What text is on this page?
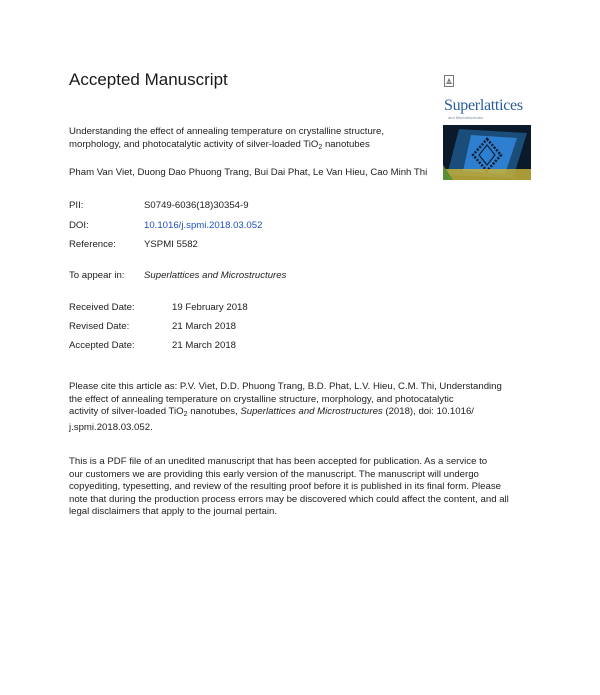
Accepted Manuscript
Superlattices
and Microstructures
Understanding the effect of annealing temperature on crystalline structure, morphology, and photocatalytic activity of silver-loaded TiO$_2$ nanotubes
Pham Van Viet, Duong Dao Phuong Trang, Bui Dai Phat, Le Van Hieu, Cao Minh Thi
PII:	S0749-6036(18)30354-9
DOI:	10.1016/j.spmi.2018.03.052
Reference:	YSPMI 5582
To appear in: Superlattices and Microstructures
Received Date:	19 February 2018
Revised Date:	21 March 2018
Accepted Date:	21 March 2018
Please cite this article as: P.V. Viet, D.D. Phuong Trang, B.D. Phat, L.V. Hieu, C.M. Thi, Understanding
the effect of annealing temperature on crystalline structure, morphology, and photocatalytic
activity of silver-loaded TiO$_2$ nanotubes, Superlattices and Microstructures (2018), doi: 10.1016/
j.spmi.2018.03.052.
This is a PDF file of an unedited manuscript that has been accepted for publication. As a service to
our customers we are providing this early version of the manuscript. The manuscript will undergo
copyediting, typesetting, and review of the resulting proof before it is published in its final form. Please
note that during the production process errors may be discovered which could affect the content, and all
legal disclaimers that apply to the journal pertain.
